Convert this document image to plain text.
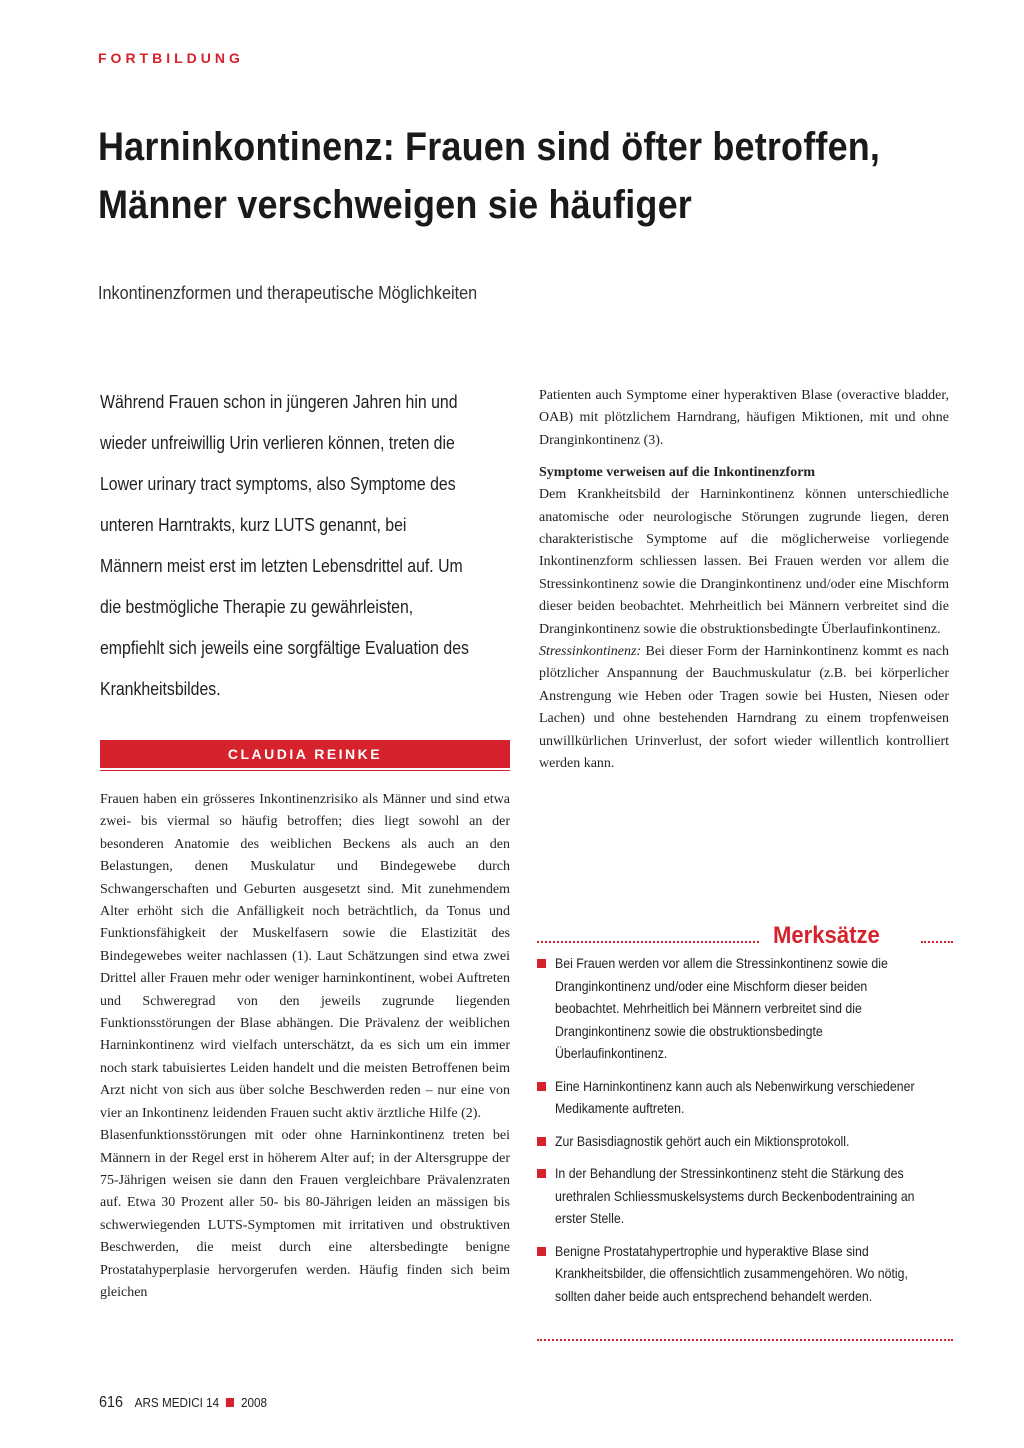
FORTBILDUNG
Harninkontinenz: Frauen sind öfter betroffen,
Männer verschweigen sie häufiger
Inkontinenzformen und therapeutische Möglichkeiten

Während Frauen schon in jüngeren Jahren hin und wieder unfreiwillig Urin verlieren können, treten die Lower urinary tract symptoms, also Symptome des unteren Harntrakts, kurz LUTS genannt, bei Männern meist erst im letzten Lebensdrittel auf. Um die bestmögliche Therapie zu gewährleisten, empfiehlt sich jeweils eine sorgfältige Evaluation des Krankheitsbildes.

CLAUDIA REINKE

Frauen haben ein grösseres Inkontinenzrisiko als Männer und sind etwa zwei- bis viermal so häufig betroffen; dies liegt sowohl an der besonderen Anatomie des weiblichen Beckens als auch an den Belastungen, denen Muskulatur und Bindegewebe durch Schwangerschaften und Geburten ausgesetzt sind. Mit zunehmendem Alter erhöht sich die Anfälligkeit noch beträchtlich, da Tonus und Funktionsfähigkeit der Muskelfasern sowie die Elastizität des Bindegewebes weiter nachlassen (1). Laut Schätzungen sind etwa zwei Drittel aller Frauen mehr oder weniger harninkontinent, wobei Auftreten und Schweregrad von den jeweils zugrunde liegenden Funktionsstörungen der Blase abhängen. Die Prävalenz der weiblichen Harninkontinenz wird vielfach unterschätzt, da es sich um ein immer noch stark tabuisiertes Leiden handelt und die meisten Betroffenen beim Arzt nicht von sich aus über solche Beschwerden reden – nur eine von vier an Inkontinenz leidenden Frauen sucht aktiv ärztliche Hilfe (2).

Blasenfunktionsstörungen mit oder ohne Harninkontinenz treten bei Männern in der Regel erst in höherem Alter auf; in der Altersgruppe der 75-Jährigen weisen sie dann den Frauen vergleichbare Prävalenzraten auf. Etwa 30 Prozent aller 50- bis 80-Jährigen leiden an mässigen bis schwerwiegenden LUTS-Symptomen mit irritativen und obstruktiven Beschwerden, die meist durch eine altersbedingte benigne Prostatahyperplasie hervorgerufen werden. Häufig finden sich beim gleichen

Patienten auch Symptome einer hyperaktiven Blase (overactive bladder, OAB) mit plötzlichem Harndrang, häufigen Miktionen, mit und ohne Dranginkontinenz (3).

Symptome verweisen auf die Inkontinenzform

Dem Krankheitsbild der Harninkontinenz können unterschiedliche anatomische oder neurologische Störungen zugrunde liegen, deren charakteristische Symptome auf die möglicherweise vorliegende Inkontinenzform schliessen lassen. Bei Frauen werden vor allem die Stressinkontinenz sowie die Dranginkontinenz und/oder eine Mischform dieser beiden beobachtet. Mehrheitlich bei Männern verbreitet sind die Dranginkontinenz sowie die obstruktionsbedingte Überlaufinkontinenz.

Stressinkontinenz: Bei dieser Form der Harninkontinenz kommt es nach plötzlicher Anspannung der Bauchmuskulatur (z.B. bei körperlicher Anstrengung wie Heben oder Tragen sowie bei Husten, Niesen oder Lachen) und ohne bestehenden Harndrang zu einem tropfenweisen unwillkürlichen Urinverlust, der sofort wieder willentlich kontrolliert werden kann.

Merksätze
Bei Frauen werden vor allem die Stressinkontinenz sowie die Dranginkontinenz und/oder eine Mischform dieser beiden beobachtet. Mehrheitlich bei Männern verbreitet sind die Dranginkontinenz sowie die obstruktionsbedingte Überlaufinkontinenz.
Eine Harninkontinenz kann auch als Nebenwirkung verschiedener Medikamente auftreten.
Zur Basisdiagnostik gehört auch ein Miktionsprotokoll.
In der Behandlung der Stressinkontinenz steht die Stärkung des urethralen Schliessmuskelsystems durch Beckenbodentraining an erster Stelle.
Benigne Prostatahypertrophie und hyperaktive Blase sind Krankheitsbilder, die offensichtlich zusammengehören. Wo nötig, sollten daher beide auch entsprechend behandelt werden.
616 ARS MEDICI 14 2008
